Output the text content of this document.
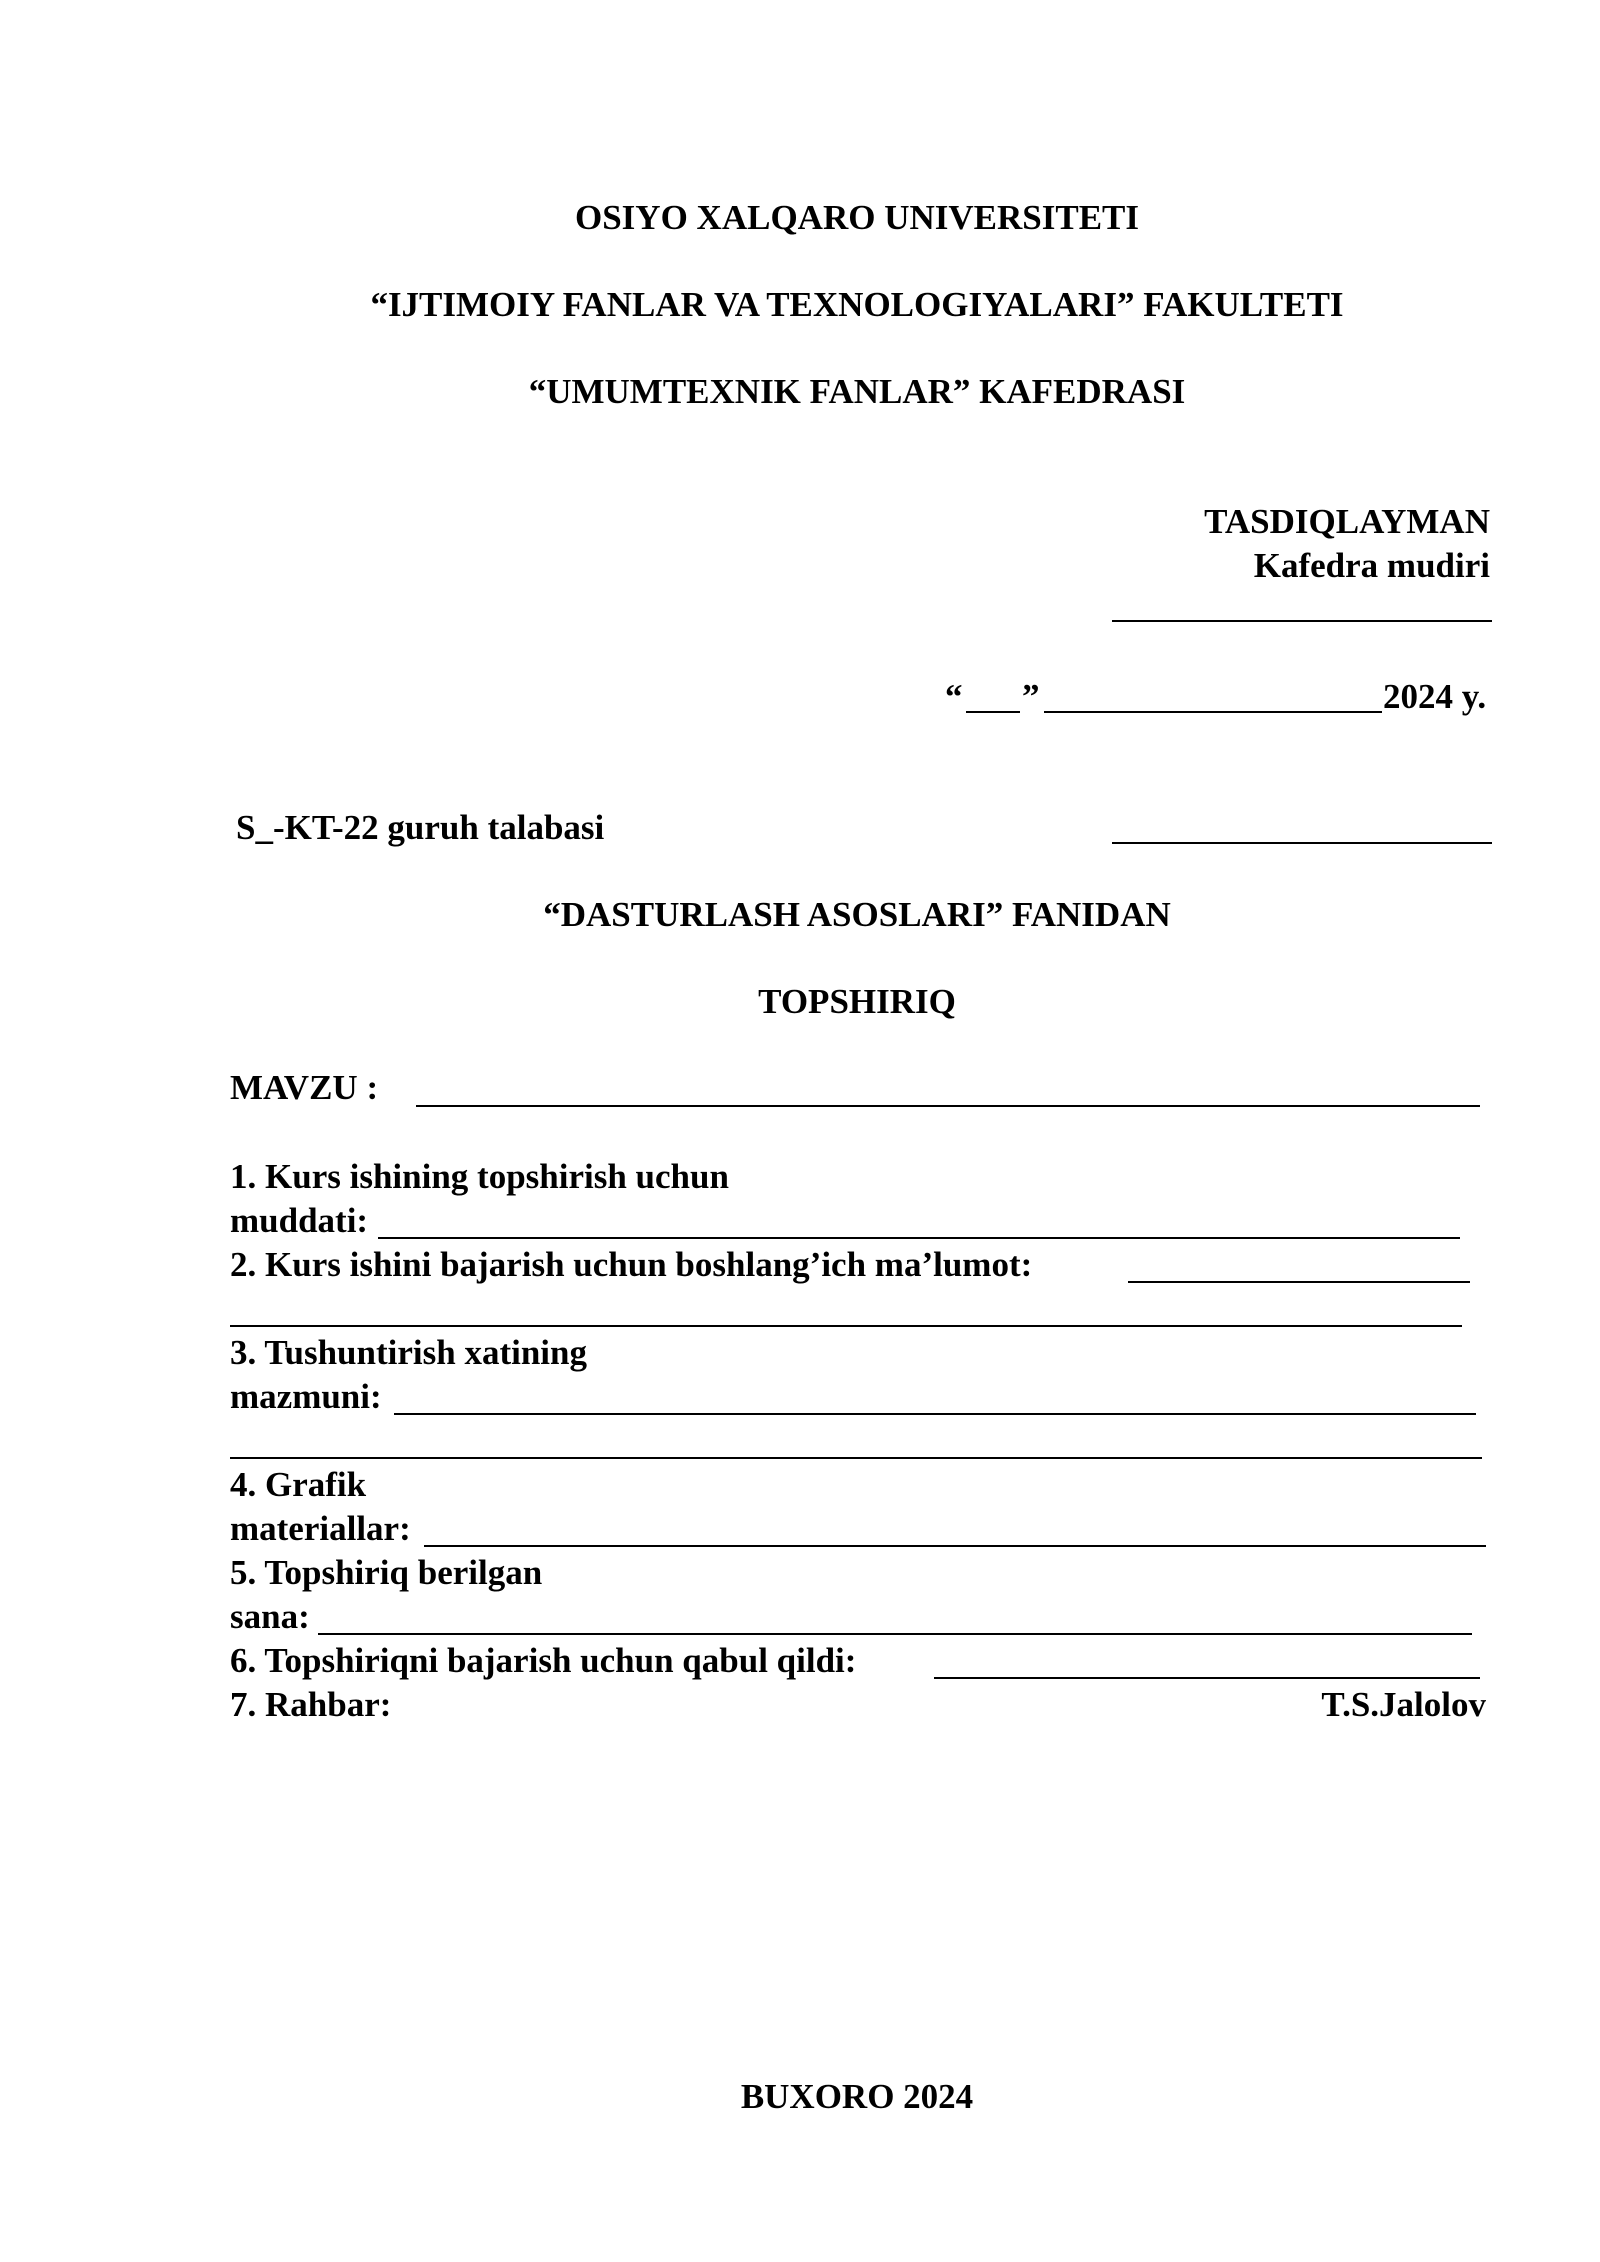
OSIYO XALQARO UNIVERSITETI
“IJTIMOIY FANLAR VA TEXNOLOGIYALARI” FAKULTETI
“UMUMTEXNIK FANLAR” KAFEDRASI
TASDIQLAYMAN
Kafedra mudiri
“ ”	2024 y.
S_-KT-22 guruh talabasi
“DASTURLASH ASOSLARI” FANIDAN
TOPSHIRIQ
MAVZU :
1. Kurs ishining topshirish uchun
muddati:
2. Kurs ishini bajarish uchun boshlang’ich ma’lumot:
3. Tushuntirish xatining
mazmuni:
4. Grafik
materiallar:
5. Topshiriq berilgan
sana:
6. Topshiriqni bajarish uchun qabul qildi:
7. Rahbar:	T.S.Jalolov
BUXORO 2024
